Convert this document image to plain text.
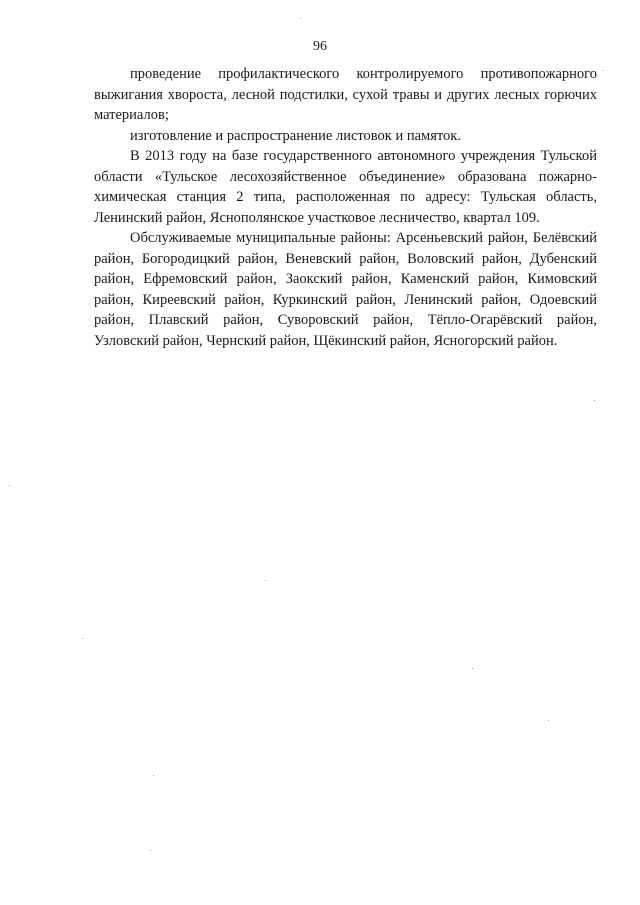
96

проведение профилактического контролируемого противопожарного выжигания хвороста, лесной подстилки, сухой травы и других лесных горючих материалов;

изготовление и распространение листовок и памяток.

В 2013 году на базе государственного автономного учреждения Тульской области «Тульское лесохозяйственное объединение» образована пожарно-химическая станция 2 типа, расположенная по адресу: Тульская область, Ленинский район, Яснополянское участковое лесничество, квартал 109.

Обслуживаемые муниципальные районы: Арсеньевский район, Белёвский район, Богородицкий район, Веневский район, Воловский район, Дубенский район, Ефремовский район, Заокский район, Каменский район, Кимовский район, Киреевский район, Куркинский район, Ленинский район, Одоевский район, Плавский район, Суворовский район, Тёпло-Огарёвский район, Узловский район, Чернский район, Щёкинский район, Ясногорский район.
